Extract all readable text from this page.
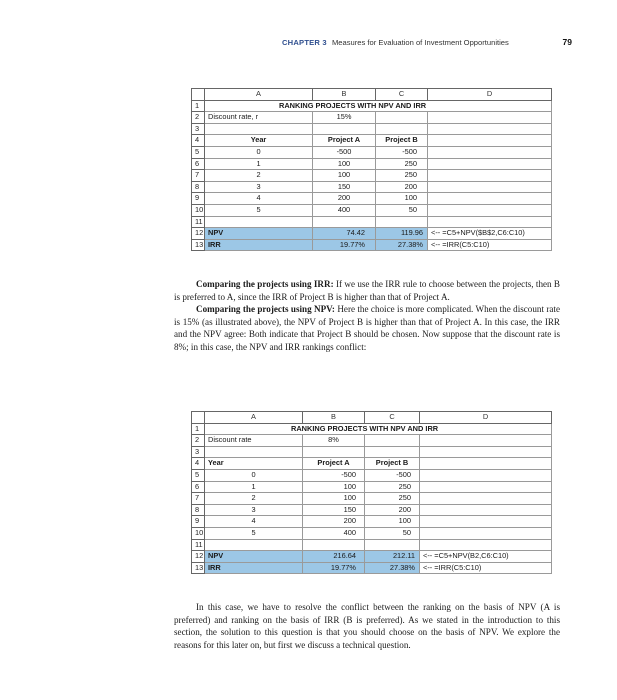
CHAPTER 3 Measures for Evaluation of Investment Opportunities	79
	A	B	C	D
1	RANKING PROJECTS WITH NPV AND IRR			
2	Discount rate, r	15%		
3				
4	Year	Project A	Project B	
5	0	-500	-500	
6	1	100	250	
7	2	100	250	
8	3	150	200	
9	4	200	100	
10	5	400	50	
11				
12	NPV	74.42	119.96	<-- =C5+NPV($B$2,C6:C10)
13	IRR	19.77%	27.38%	<-- =IRR(C5:C10)

Comparing the projects using IRR: If we use the IRR rule to choose between the projects, then B is preferred to A, since the IRR of Project B is higher than that of Project A.

Comparing the projects using NPV: Here the choice is more complicated. When the discount rate is 15% (as illustrated above), the NPV of Project B is higher than that of Project A. In this case, the IRR and the NPV agree: Both indicate that Project B should be chosen. Now suppose that the discount rate is 8%; in this case, the NPV and IRR rankings conflict:

	A	B	C	D
1	RANKING PROJECTS WITH NPV AND IRR			
2	Discount rate	8%		
3				
4	Year	Project A	Project B	
5	0	-500	-500	
6	1	100	250	
7	2	100	250	
8	3	150	200	
9	4	200	100	
10	5	400	50	
11				
12	NPV	216.64	212.11	<-- =C5+NPV(B2,C6:C10)
13	IRR	19.77%	27.38%	<-- =IRR(C5:C10)

In this case, we have to resolve the conflict between the ranking on the basis of NPV (A is preferred) and ranking on the basis of IRR (B is preferred). As we stated in the introduction to this section, the solution to this question is that you should choose on the basis of NPV. We explore the reasons for this later on, but first we discuss a technical question.
